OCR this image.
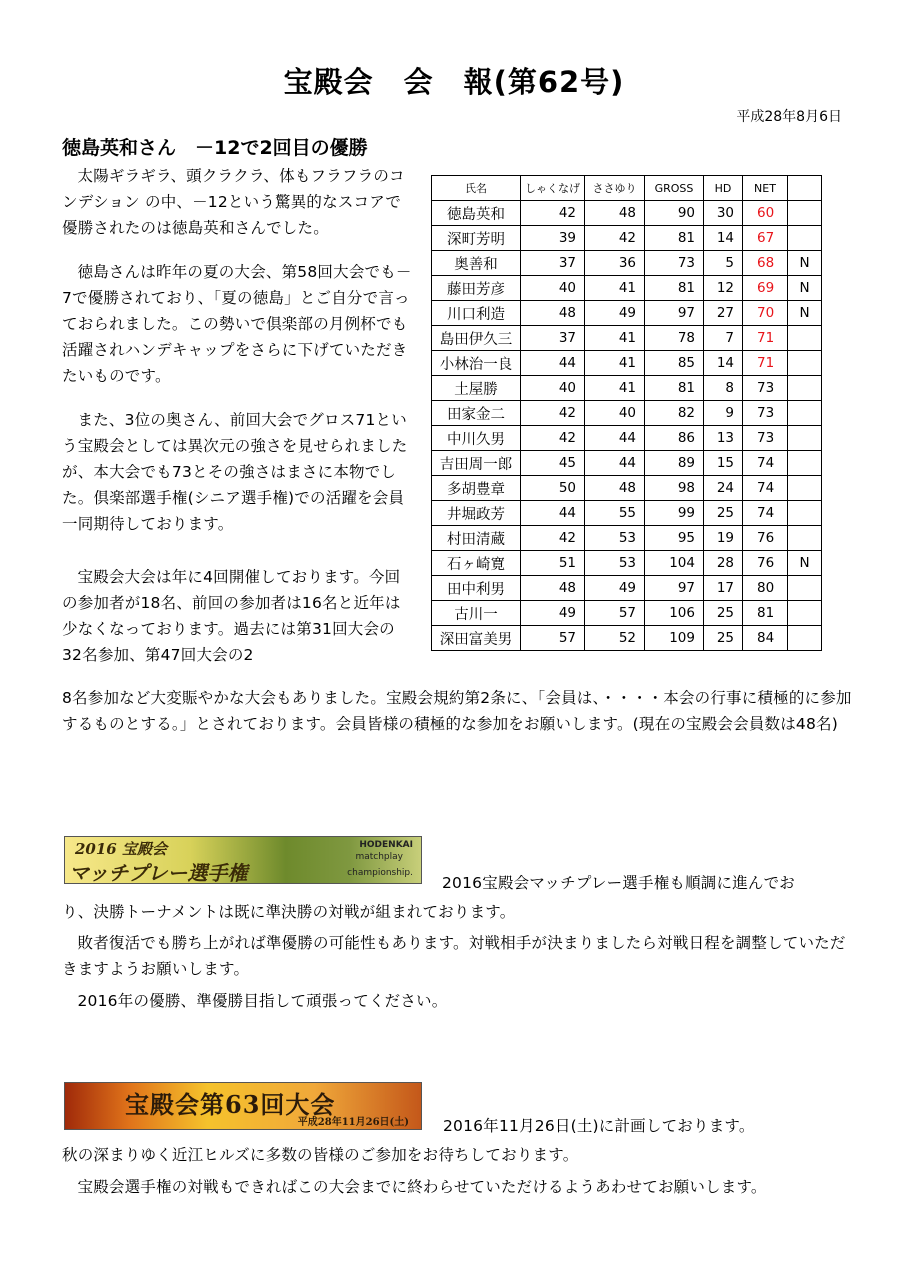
宝殿会　会　報(第62号)
平成28年8月6日
徳島英和さん　－12で2回目の優勝

太陽ギラギラ、頭クラクラ、体もフラフラのコンデション の中、－12という驚異的なスコアで優勝されたのは徳島英和さんでした。

徳島さんは昨年の夏の大会、第58回大会でも－7で優勝されており、「夏の徳島」とご自分で言っておられました。この勢いで倶楽部の月例杯でも活躍されハンデキャップをさらに下げていただきたいものです。

また、3位の奥さん、前回大会でグロス71という宝殿会としては異次元の強さを見せられましたが、本大会でも73とその強さはまさに本物でした。倶楽部選手権(シニア選手権)での活躍を会員一同期待しております。

宝殿会大会は年に4回開催しております。今回の参加者が18名、前回の参加者は16名と近年は少なくなっております。過去には第31回大会の32名参加、第47回大会の2

8名参加など大変賑やかな大会もありました。宝殿会規約第2条に、「会員は、・・・・本会の行事に積極的に参加するものとする。」とされております。会員皆様の積極的な参加をお願いします。(現在の宝殿会会員数は48名)

氏名	しゃくなげ	ささゆり	GROSS	HD	NET	
徳島英和	42	48	90	30	60	
深町芳明	39	42	81	14	67	
奥善和	37	36	73	5	68	N
藤田芳彦	40	41	81	12	69	N
川口利造	48	49	97	27	70	N
島田伊久三	37	41	78	7	71	
小林治一良	44	41	85	14	71	
土屋勝	40	41	81	8	73	
田家金二	42	40	82	9	73	
中川久男	42	44	86	13	73	
吉田周一郎	45	44	89	15	74	
多胡豊章	50	48	98	24	74	
井堀政芳	44	55	99	25	74	
村田清蔵	42	53	95	19	76	
石ヶ崎寛	51	53	104	28	76	N
田中利男	48	49	97	17	80	
古川一	49	57	106	25	81	
深田富美男	57	52	109	25	84	
2016 宝殿会
マッチプレー選手権
HODENKAI
matchplay
championship.

2016宝殿会マッチプレー選手権も順調に進んでお

り、決勝トーナメントは既に準決勝の対戦が組まれております。

敗者復活でも勝ち上がれば準優勝の可能性もあります。対戦相手が決まりましたら対戦日程を調整していただきますようお願いします。

2016年の優勝、準優勝目指して頑張ってください。

宝殿会第63回大会
平成28年11月26日(土) 2016年11月26日(土)に計画しております。

秋の深まりゆく近江ヒルズに多数の皆様のご参加をお待ちしております。

宝殿会選手権の対戦もできればこの大会までに終わらせていただけるようあわせてお願いします。
